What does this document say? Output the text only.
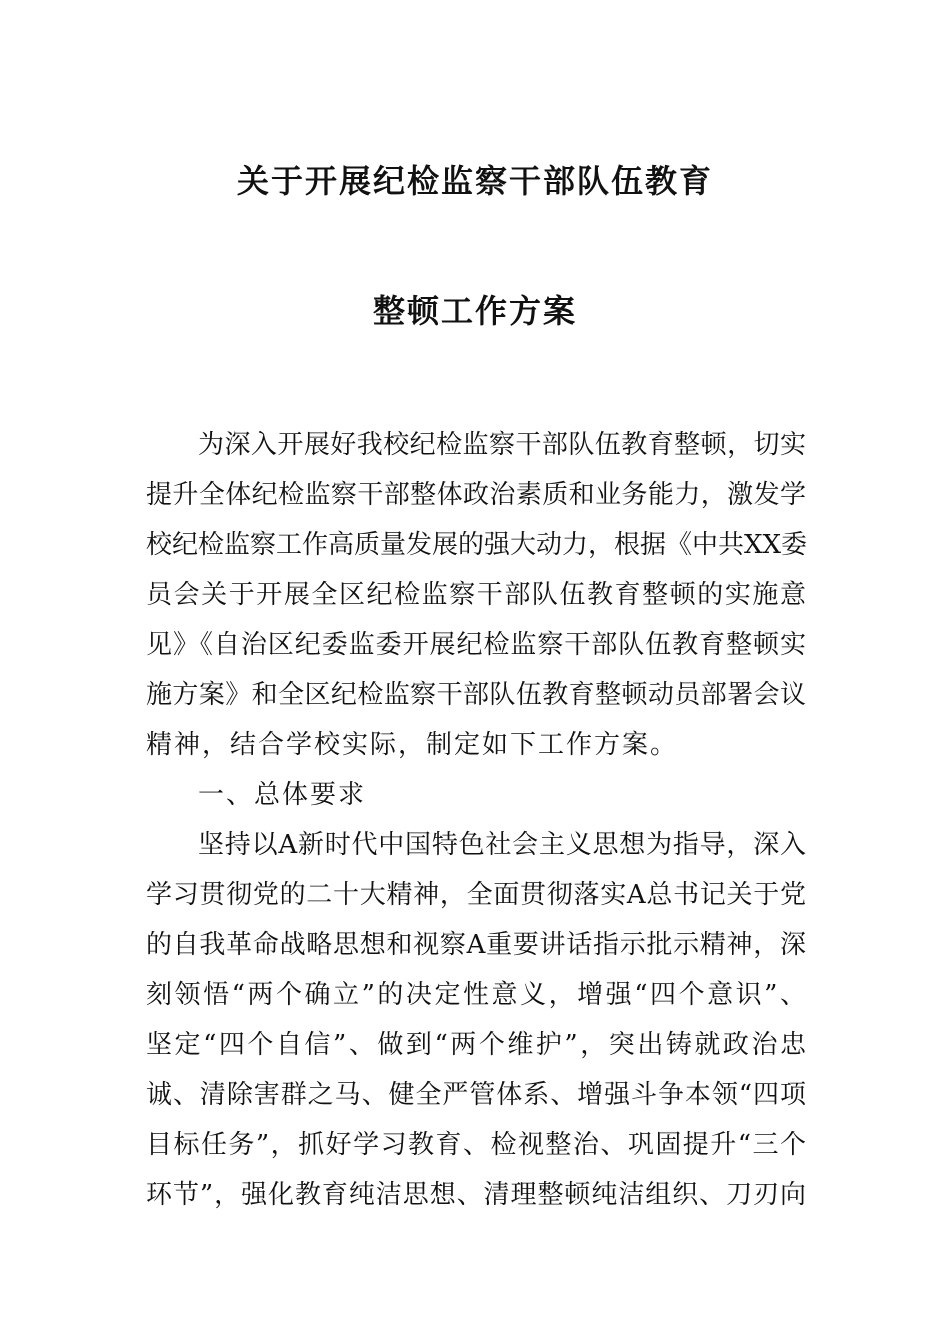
关于开展纪检监察干部队伍教育
整顿工作方案
为深入开展好我校纪检监察干部队伍教育整顿，切实
提升全体纪检监察干部整体政治素质和业务能力，激发学
校纪检监察工作高质量发展的强大动力，根据《中共XX委
员会关于开展全区纪检监察干部队伍教育整顿的实施意
见》《自治区纪委监委开展纪检监察干部队伍教育整顿实
施方案》和全区纪检监察干部队伍教育整顿动员部署会议
精神，结合学校实际，制定如下工作方案。
一、总体要求
坚持以A新时代中国特色社会主义思想为指导，深入
学习贯彻党的二十大精神，全面贯彻落实A总书记关于党
的自我革命战略思想和视察A重要讲话指示批示精神，深
刻领悟“两个确立”的决定性意义，增强“四个意识”、
坚定“四个自信”、做到“两个维护”，突出铸就政治忠
诚、清除害群之马、健全严管体系、增强斗争本领“四项
目标任务”，抓好学习教育、检视整治、巩固提升“三个
环节”，强化教育纯洁思想、清理整顿纯洁组织、刀刃向
